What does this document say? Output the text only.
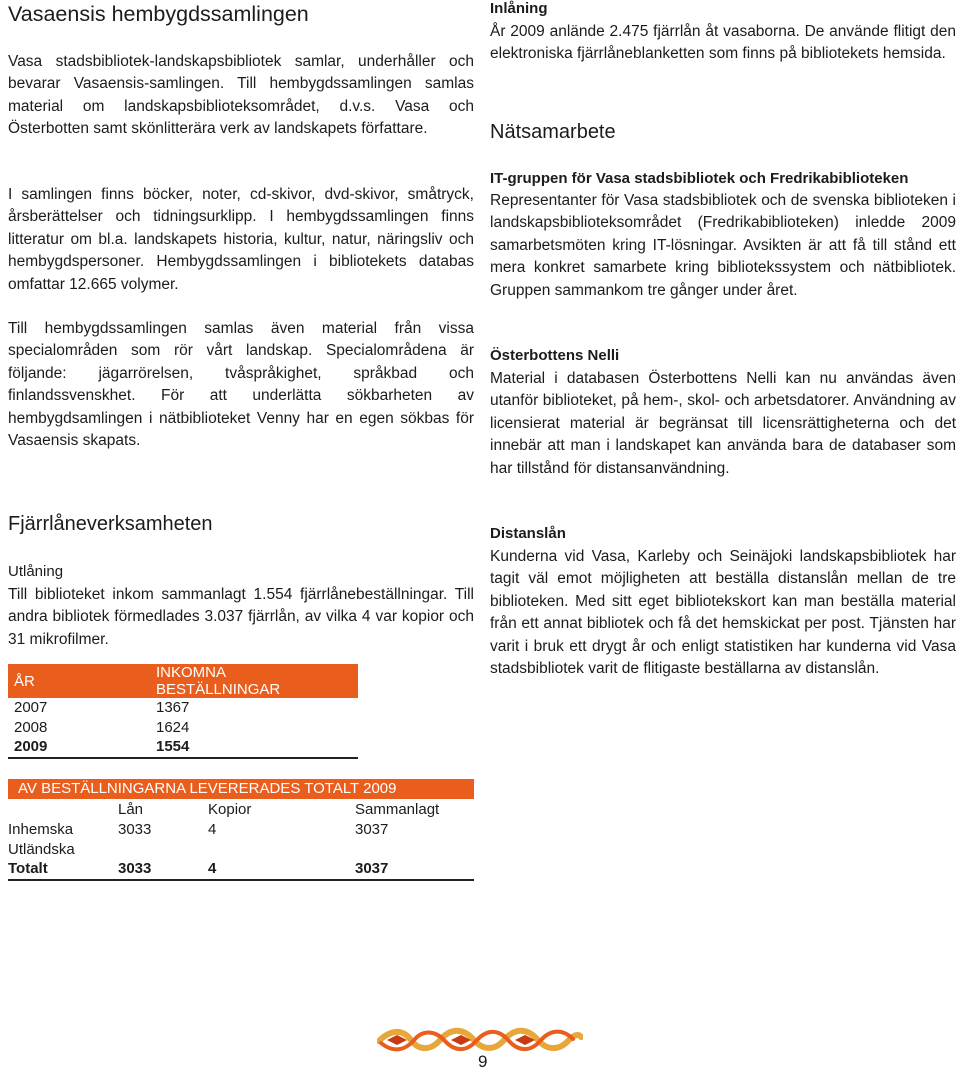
Vasaensis hembygdssamlingen

Vasa stadsbibliotek-landskapsbibliotek samlar, underhåller och bevarar Vasaensis-samlingen. Till hembygdssamlingen samlas material om landskapsbiblioteksområdet, d.v.s. Vasa och Österbotten samt skönlitterära verk av landskapets författare.

I samlingen finns böcker, noter, cd-skivor, dvd-skivor, småtryck, årsberättelser och tidningsurklipp. I hembygdssamlingen finns litteratur om bl.a. landskapets historia, kultur, natur, näringsliv och hembygdspersoner. Hembygdssamlingen i bibliotekets databas omfattar 12.665 volymer.

Till hembygdssamlingen samlas även material från vissa specialområden som rör vårt landskap. Specialområdena är följande: jägarrörelsen, tvåspråkighet, språkbad och finlandssvenskhet. För att underlätta sökbarheten av hembygdsamlingen i nätbiblioteket Venny har en egen sökbas för Vasaensis skapats.

Fjärrlåneverksamheten
Utlåning

Till biblioteket inkom sammanlagt 1.554 fjärrlånebeställningar. Till andra bibliotek förmedlades 3.037 fjärrlån, av vilka 4 var kopior och 31 mikrofilmer.

ÅR	INKOMNA BESTÄLLNINGAR
2007	1367
2008	1624
2009	1554
AV BESTÄLLNINGARNA LEVERERADES TOTALT 2009
	Lån	Kopior	Sammanlagt
Inhemska	3033	4	3037
Utländska			
Totalt	3033	4	3037
Inlåning

År 2009 anlände 2.475 fjärrlån åt vasaborna. De använde flitigt den elektroniska fjärrlåneblanketten som finns på bibliotekets hemsida.

Nätsamarbete
IT-gruppen för Vasa stadsbibliotek och Fredrikabiblioteken

Representanter för Vasa stadsbibliotek och de svenska biblioteken i landskapsbiblioteksområdet (Fredrikabiblioteken) inledde 2009 samarbetsmöten kring IT-lösningar. Avsikten är att få till stånd ett mera konkret samarbete kring bibliotekssystem och nätbibliotek. Gruppen sammankom tre gånger under året.

Österbottens Nelli

Material i databasen Österbottens Nelli kan nu användas även utanför biblioteket, på hem-, skol- och arbetsdatorer. Användning av licensierat material är begränsat till licensrättigheterna och det innebär att man i landskapet kan använda bara de databaser som har tillstånd för distansanvändning.

Distanslån

Kunderna vid Vasa, Karleby och Seinäjoki landskapsbibliotek har tagit väl emot möjligheten att beställa distanslån mellan de tre biblioteken. Med sitt eget bibliotekskort kan man beställa material från ett annat bibliotek och få det hemskickat per post. Tjänsten har varit i bruk ett drygt år och enligt statistiken har kunderna vid Vasa stadsbibliotek varit de flitigaste beställarna av distanslån.

9
